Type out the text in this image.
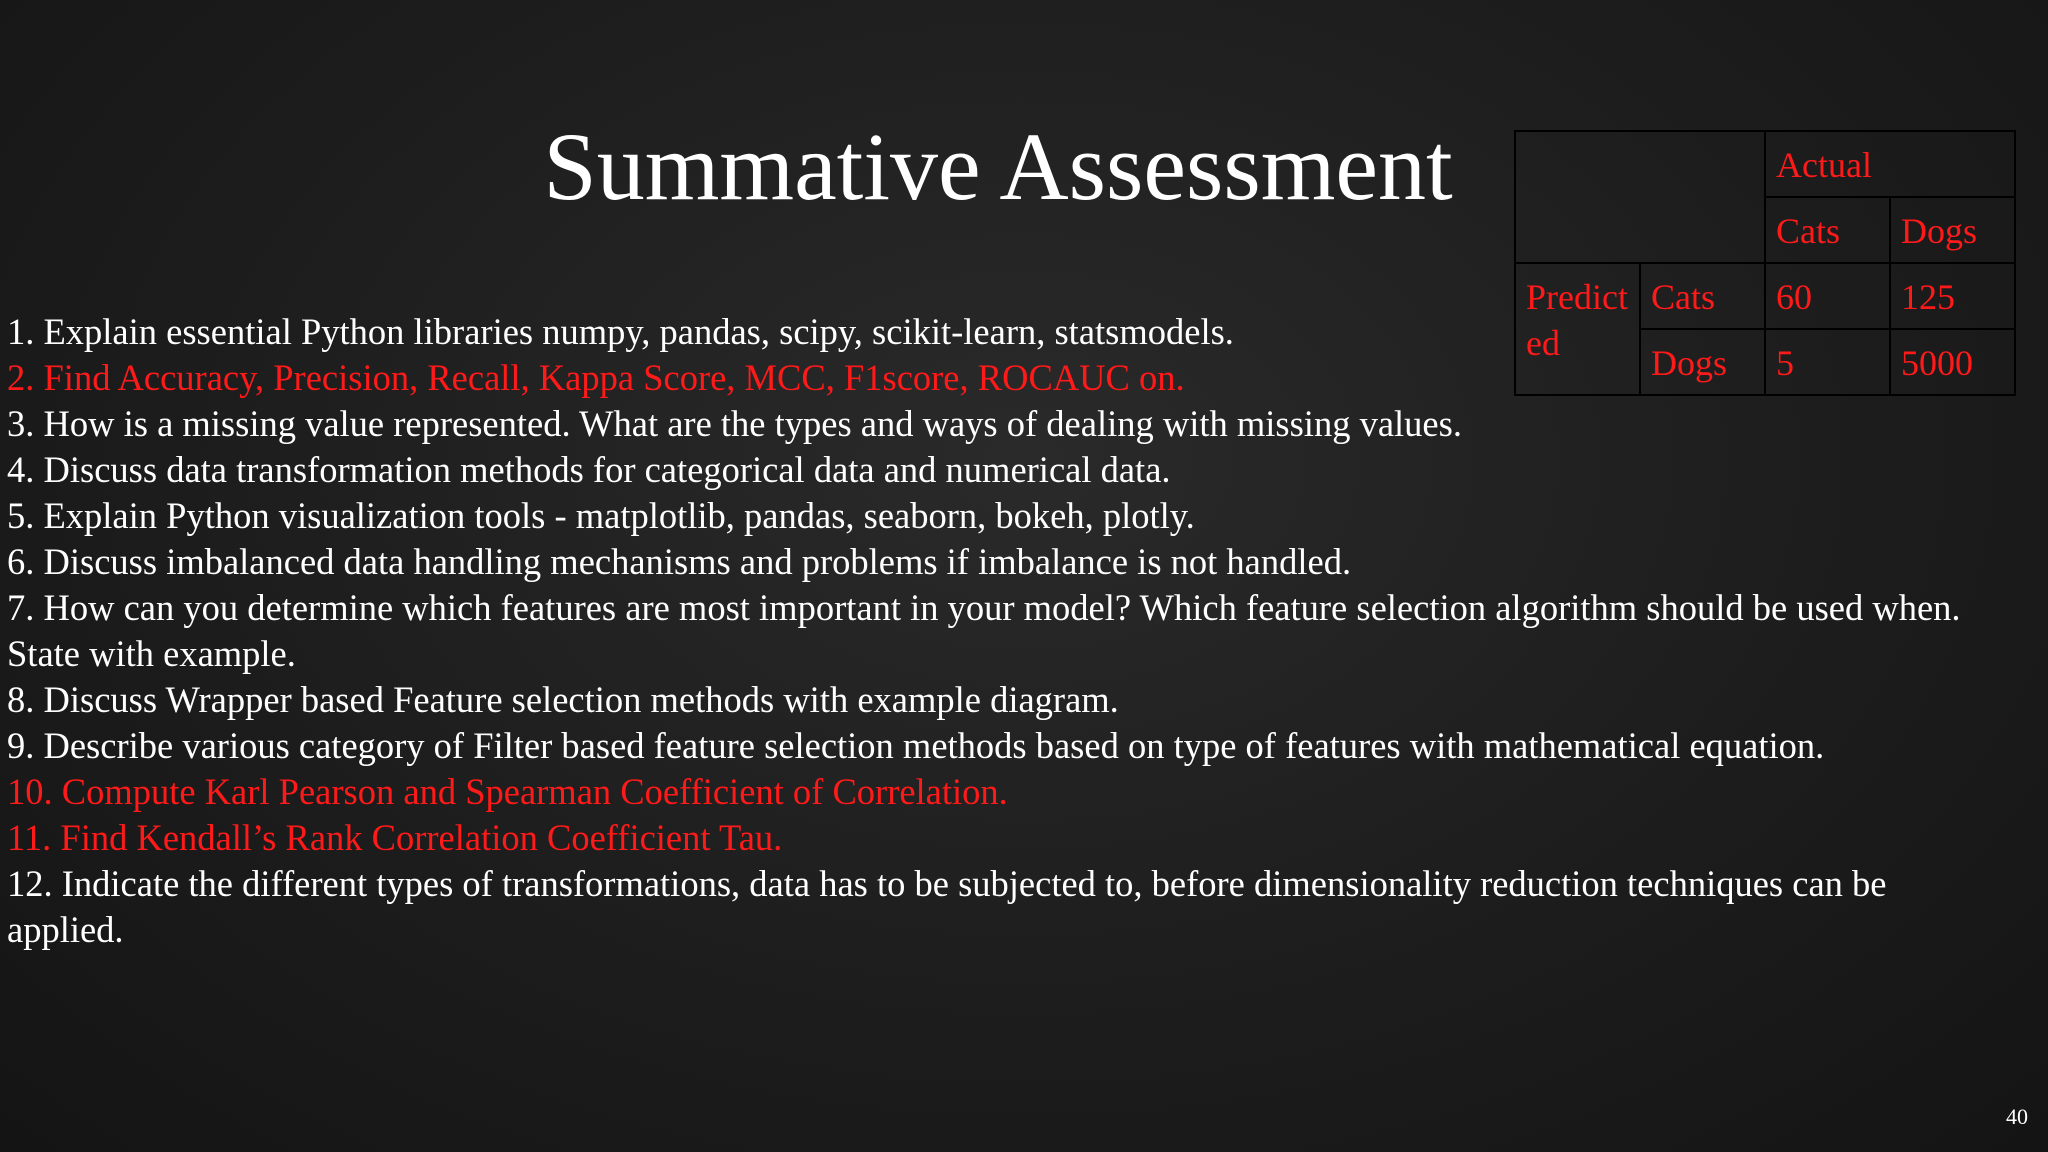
Summative Assessment
		Actual	
		Cats	Dogs

Predicted	Cats	60	125
	Dogs	5	5000
1. Explain essential Python libraries numpy, pandas, scipy, scikit-learn, statsmodels.
2. Find Accuracy, Precision, Recall, Kappa Score, MCC, F1score, ROCAUC on.
3. How is a missing value represented. What are the types and ways of dealing with missing values.
4. Discuss data transformation methods for categorical data and numerical data.
5. Explain Python visualization tools - matplotlib, pandas, seaborn, bokeh, plotly.
6. Discuss imbalanced data handling mechanisms and problems if imbalance is not handled.
7. How can you determine which features are most important in your model? Which feature selection algorithm should be used when. State with example.
8. Discuss Wrapper based Feature selection methods with example diagram.
9. Describe various category of Filter based feature selection methods based on type of features with mathematical equation.
10. Compute Karl Pearson and Spearman Coefficient of Correlation.
11. Find Kendall’s Rank Correlation Coefficient Tau.
12. Indicate the different types of transformations, data has to be subjected to, before dimensionality reduction techniques can be applied.
40
